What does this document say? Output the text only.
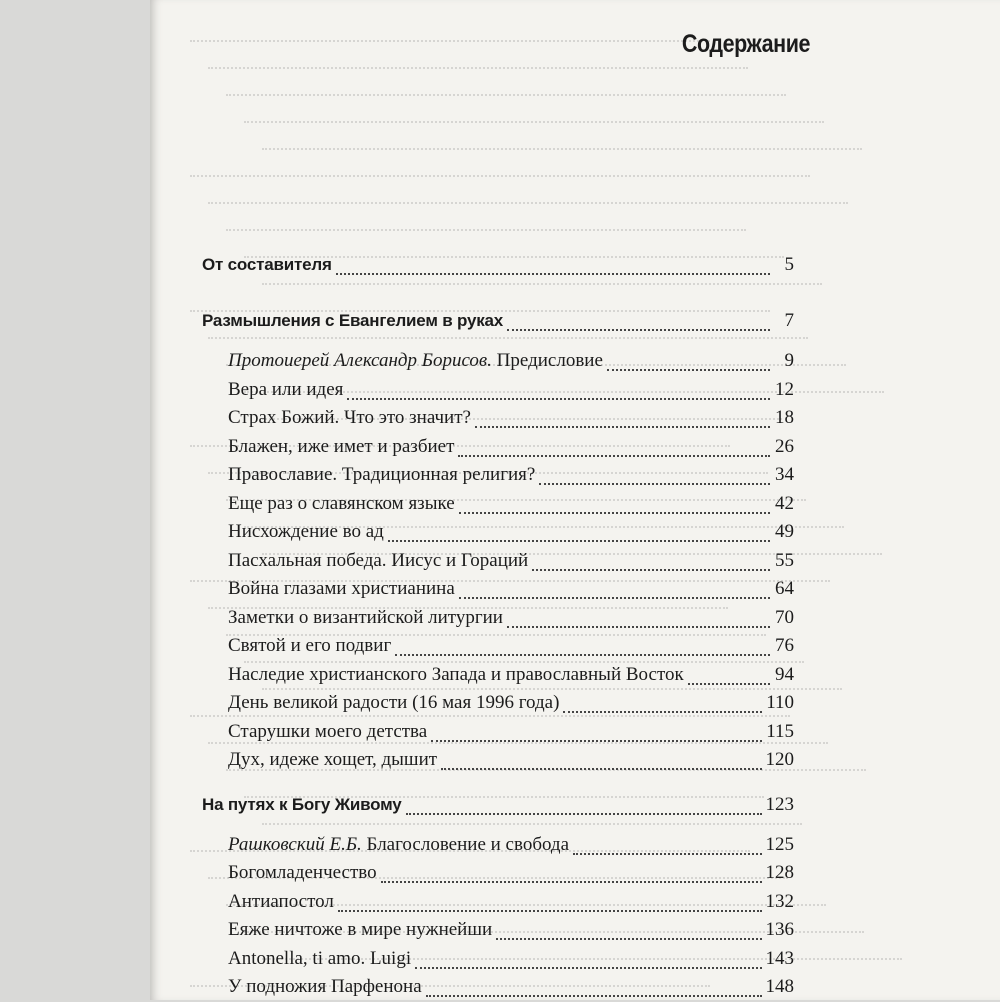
Содержание
От составителя	5
Размышления с Евангелием в руках	7
Протоиерей Александр Борисов. Предисловие	9
Вера или идея	12
Страх Божий. Что это значит?	18
Блажен, иже имет и разбиет	26
Православие. Традиционная религия?	34
Еще раз о славянском языке	42
Нисхождение во ад	49
Пасхальная победа. Иисус и Гораций	55
Война глазами христианина	64
Заметки о византийской литургии	70
Святой и его подвиг	76
Наследие христианского Запада и православный Восток	94
День великой радости (16 мая 1996 года)	110
Старушки моего детства	115
Дух, идеже хощет, дышит	120
На путях к Богу Живому	123
Рашковский Е.Б. Благословение и свобода	125
Богомладенчество	128
Антиапостол	132
Еяже ничтоже в мире нужнейши	136
Antonella, ti amo. Luigi	143
У подножия Парфенона	148
